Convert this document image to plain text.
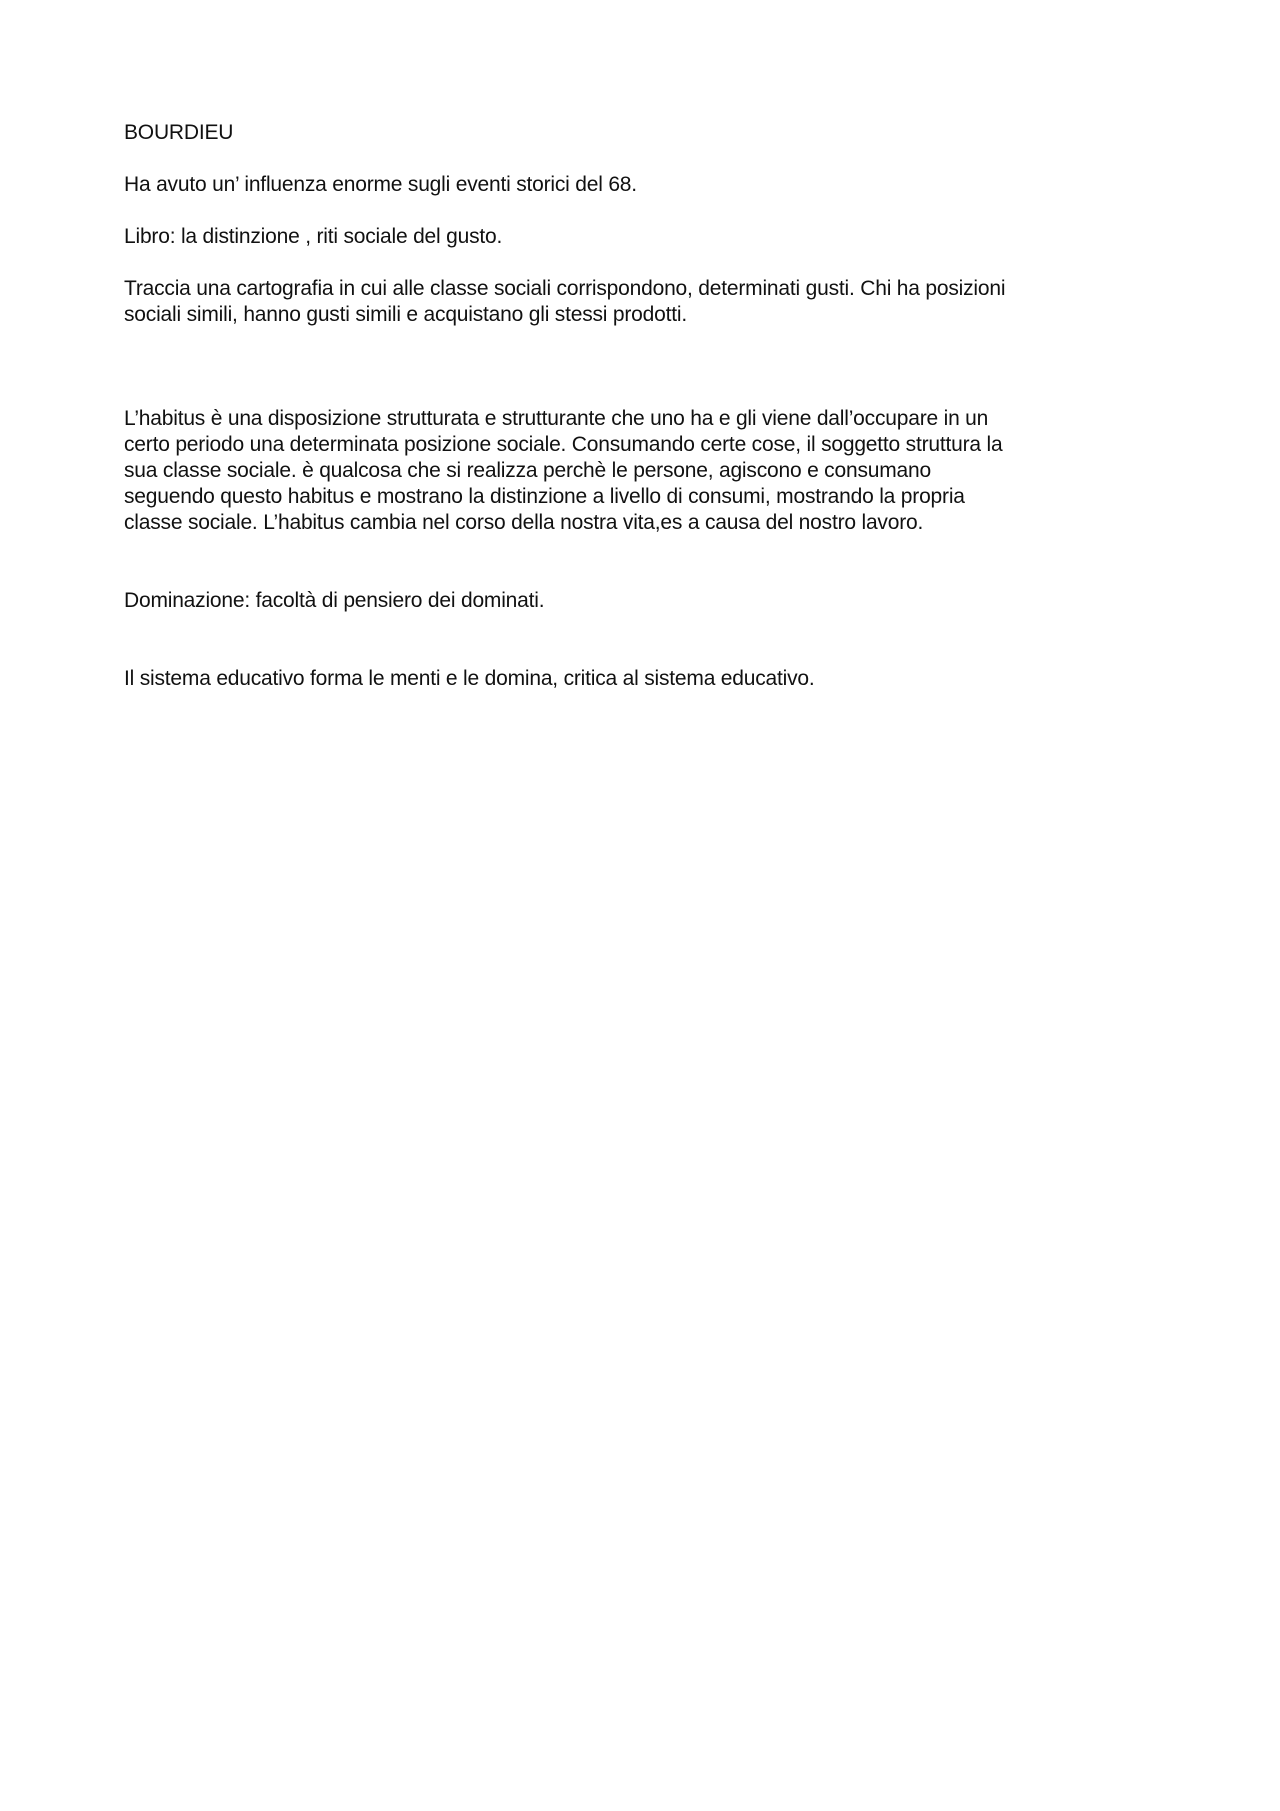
BOURDIEU

Ha avuto un’ influenza enorme sugli eventi storici del 68.

Libro: la distinzione , riti sociale del gusto.

Traccia una cartografia in cui alle classe sociali corrispondono, determinati gusti. Chi ha posizioni
sociali simili, hanno gusti simili e acquistano gli stessi prodotti.

L’habitus è una disposizione strutturata e strutturante che uno ha e gli viene dall’occupare in un
certo periodo una determinata posizione sociale. Consumando certe cose, il soggetto struttura la
sua classe sociale. è qualcosa che si realizza perchè le persone, agiscono e consumano
seguendo questo habitus e mostrano la distinzione a livello di consumi, mostrando la propria
classe sociale. L’habitus cambia nel corso della nostra vita,es a causa del nostro lavoro.

Dominazione: facoltà di pensiero dei dominati.

Il sistema educativo forma le menti e le domina, critica al sistema educativo.
